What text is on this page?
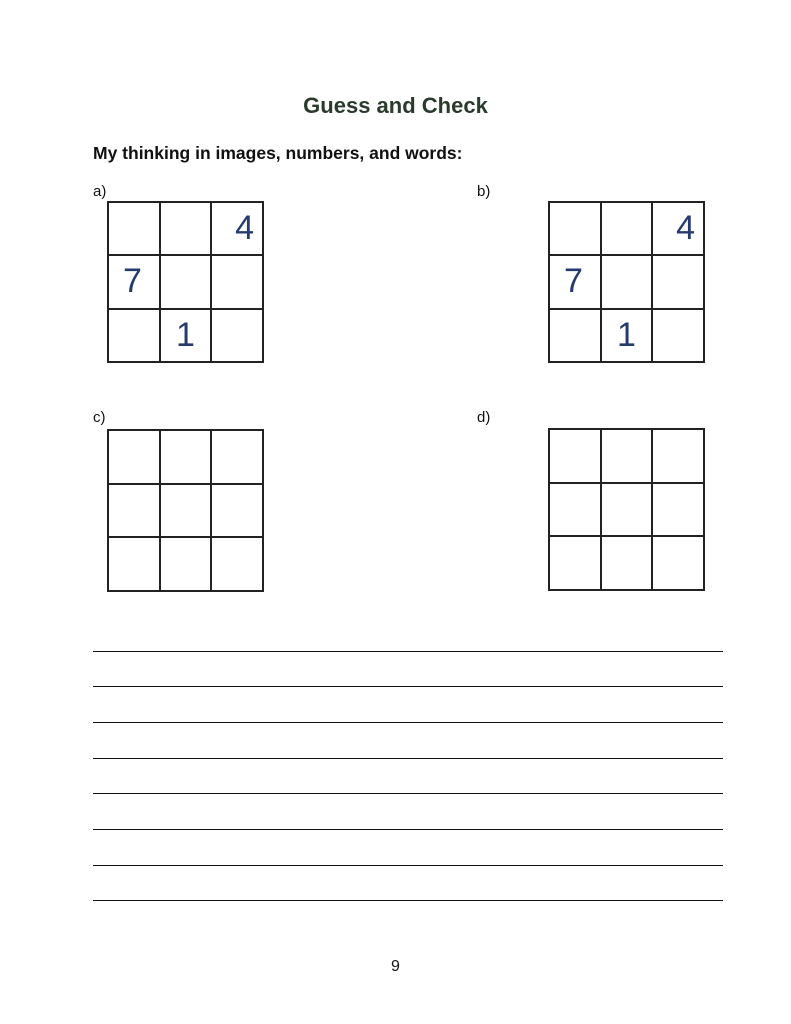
Guess and Check
My thinking in images, numbers, and words:
a)
4
7
1
b)
4
7
1
c)	d)
9
